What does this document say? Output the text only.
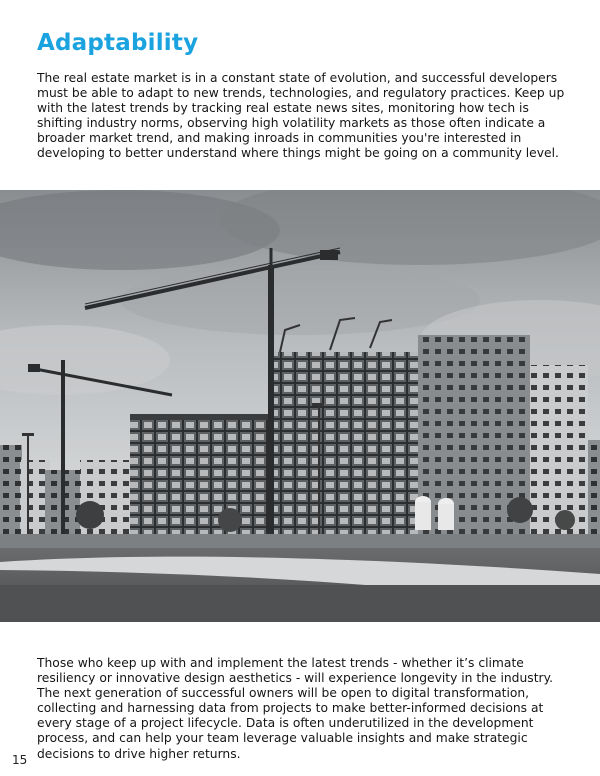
Adaptability

The real estate market is in a constant state of evolution, and successful developers must be able to adapt to new trends, technologies, and regulatory practices. Keep up with the latest trends by tracking real estate news sites, monitoring how tech is shifting industry norms, observing high volatility markets as those often indicate a broader market trend, and making inroads in communities you're interested in developing to better understand where things might be going on a community level.

Those who keep up with and implement the latest trends - whether it’s climate resiliency or innovative design aesthetics - will experience longevity in the industry. The next generation of successful owners will be open to digital transformation, collecting and harnessing data from projects to make better-informed decisions at every stage of a project lifecycle. Data is often underutilized in the development process, and can help your team leverage valuable insights and make strategic decisions to drive higher returns.

15
